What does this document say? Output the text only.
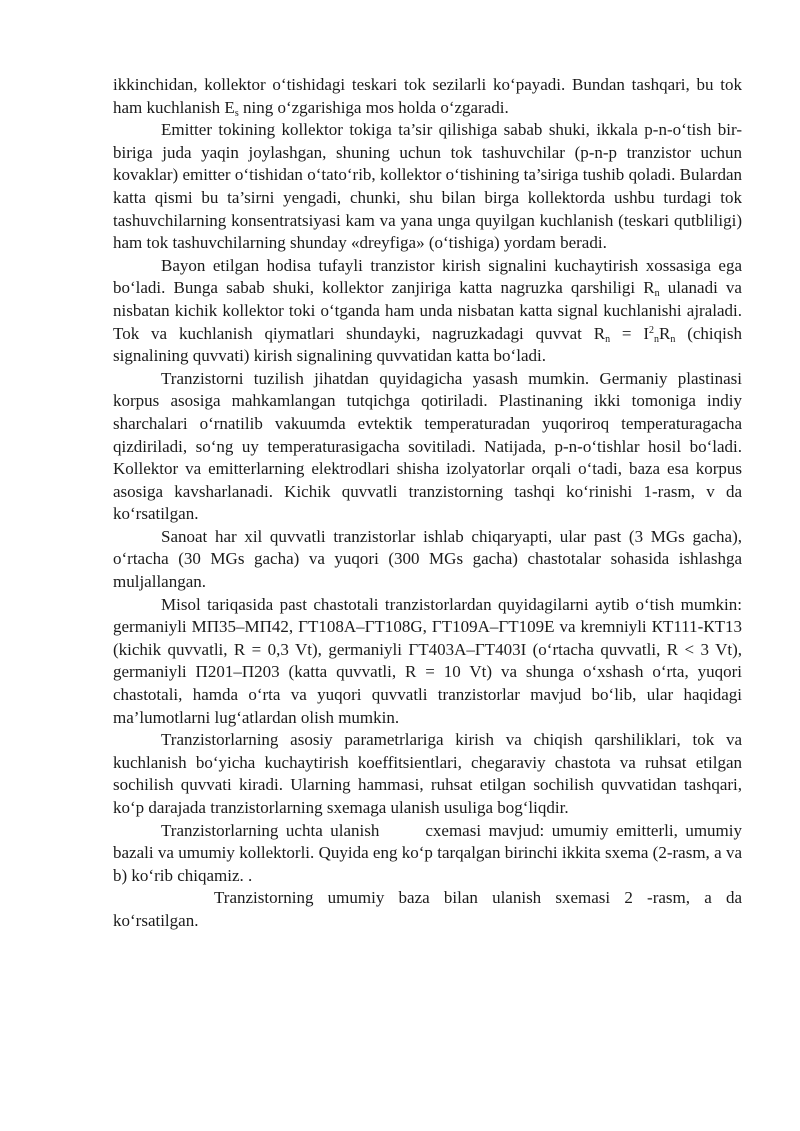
ikkinchidan, kollektor o‘tishidagi teskari tok sezilarli ko‘payadi. Bundan tashqari, bu tok ham kuchlanish $E_s$ ning o‘zgarishiga mos holda o‘zgaradi.

Emitter tokining kollektor tokiga ta’sir qilishiga sabab shuki, ikkala p-n-o‘tish bir-biriga juda yaqin joylashgan, shuning uchun tok tashuvchilar (p-n-p tranzistor uchun kovaklar) emitter o‘tishidan o‘tato‘rib, kollektor o‘tishining ta’siriga tushib qoladi. Bulardan katta qismi bu ta’sirni yengadi, chunki, shu bilan birga kollektorda ushbu turdagi tok tashuvchilarning konsentratsiyasi kam va yana unga quyilgan kuchlanish (teskari qutbliligi) ham tok tashuvchilarning shunday «dreyfiga» (o‘tishiga) yordam beradi.

Bayon etilgan hodisa tufayli tranzistor kirish signalini kuchaytirish xossasiga ega bo‘ladi. Bunga sabab shuki, kollektor zanjiriga katta nagruzka qarshiligi $R_n$ ulanadi va nisbatan kichik kollektor toki o‘tganda ham unda nisbatan katta signal kuchlanishi ajraladi. Tok va kuchlanish qiymatlari shundayki, nagruzkadagi quvvat $R_n = I^2_nR_n$ (chiqish signalining quvvati) kirish signalining quvvatidan katta bo‘ladi.

Tranzistorni tuzilish jihatdan quyidagicha yasash mumkin. Germaniy plastinasi korpus asosiga mahkamlangan tutqichga qotiriladi. Plastinaning ikki tomoniga indiy sharchalari o‘rnatilib vakuumda evtektik temperaturadan yuqoriroq temperaturagacha qizdiriladi, so‘ng uy temperaturasigacha sovitiladi. Natijada, p-n-o‘tishlar hosil bo‘ladi. Kollektor va emitterlarning elektrodlari shisha izolyatorlar orqali o‘tadi, baza esa korpus asosiga kavsharlanadi. Kichik quvvatli tranzistorning tashqi ko‘rinishi 1-rasm, v da ko‘rsatilgan.

Sanoat har xil quvvatli tranzistorlar ishlab chiqaryapti, ular past (3 MGs gacha), o‘rtacha (30 MGs gacha) va yuqori (300 MGs gacha) chastotalar sohasida ishlashga muljallangan.

Misol tariqasida past chastotali tranzistorlardan quyidagilarni aytib o‘tish mumkin: germaniyli МП35–МП42, ГТ108А–ГТ108G, ГТ109А–ГТ109Е va kremniyli КТ111-КТ13 (kichik quvvatli, R = 0,3 Vt), germaniyli ГТ403А–ГТ403I (o‘rtacha quvvatli, R < 3 Vt), germaniyli П201–П203 (katta quvvatli, R = 10 Vt) va shunga o‘xshash o‘rta, yuqori chastotali, hamda o‘rta va yuqori quvvatli tranzistorlar mavjud bo‘lib, ular haqidagi ma’lumotlarni lug‘atlardan olish mumkin.

Tranzistorlarning asosiy parametrlariga kirish va chiqish qarshiliklari, tok va kuchlanish bo‘yicha kuchaytirish koeffitsientlari, chegaraviy chastota va ruhsat etilgan sochilish quvvati kiradi. Ularning hammasi, ruhsat etilgan sochilish quvvatidan tashqari, ko‘p darajada tranzistorlarning sxemaga ulanish usuliga bog‘liqdir.

Tranzistorlarning uchta ulanish	cxemasi mavjud: umumiy emitterli, umumiy bazali va umumiy kollektorli. Quyida eng ko‘p tarqalgan birinchi ikkita sxema (2-rasm, a va b) ko‘rib chiqamiz. .

Tranzistorning umumiy baza bilan ulanish sxemasi 2 -rasm, a da ko‘rsatilgan.
